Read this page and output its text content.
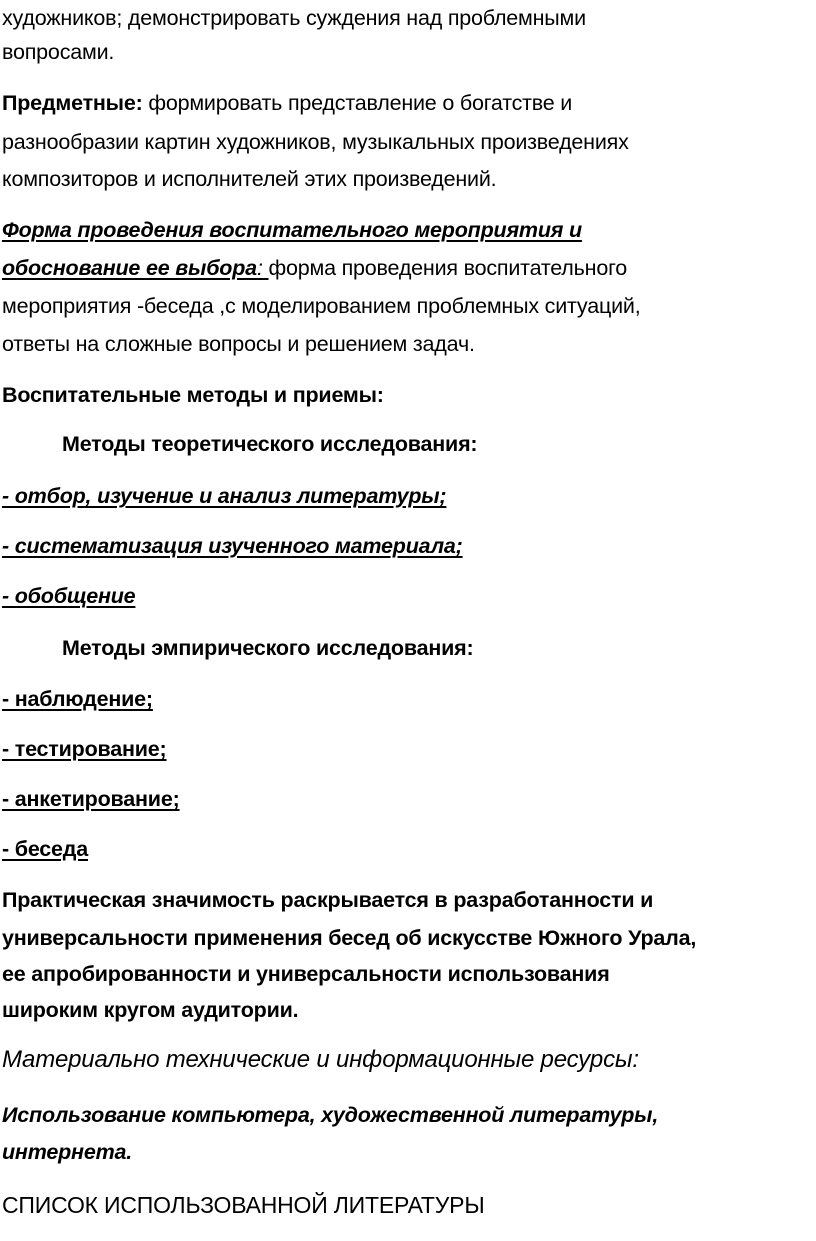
художников; демонстрировать суждения над проблемными
вопросами.
Предметные: формировать представление о богатстве и
разнообразии картин художников, музыкальных произведениях
композиторов и исполнителей этих произведений.
Форма проведения воспитательного мероприятия и
обоснование ее выбора: форма проведения воспитательного
мероприятия -беседа ,с моделированием проблемных ситуаций,
ответы на сложные вопросы и решением задач.
Воспитательные методы и приемы:
Методы теоретического исследования:
- отбор, изучение и анализ литературы;
- систематизация изученного материала;
- обобщение
Методы эмпирического исследования:
- наблюдение;
- тестирование;
- анкетирование;
- беседа
Практическая значимость раскрывается в разработанности и
универсальности применения бесед об искусстве Южного Урала,
ее апробированности и универсальности использования
широким кругом аудитории.
Материально технические и информационные ресурсы:
Использование компьютера, художественной литературы,
интернета.
СПИСОК ИСПОЛЬЗОВАННОЙ ЛИТЕРАТУРЫ
